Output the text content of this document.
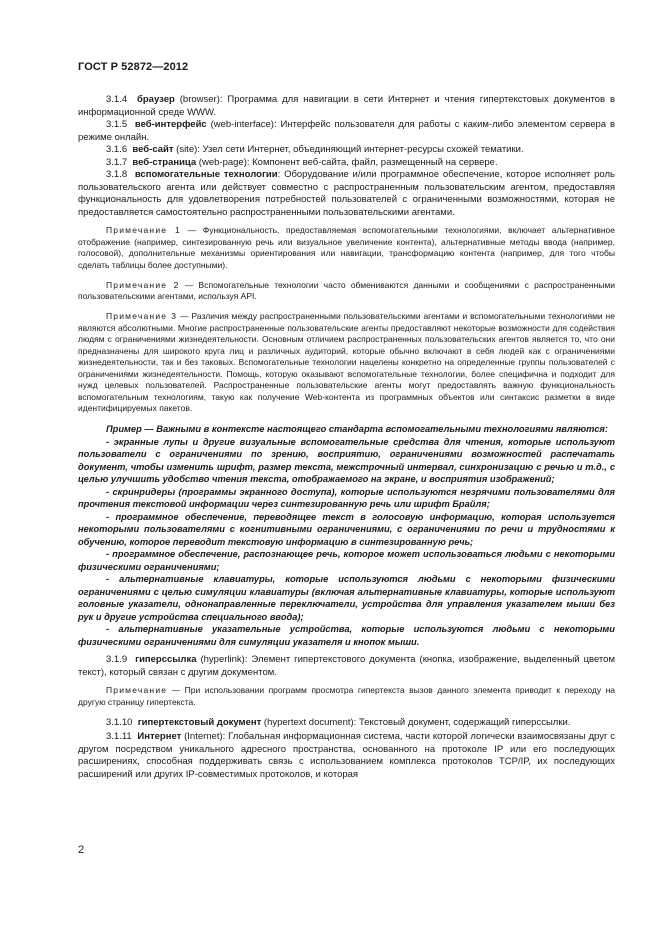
ГОСТ Р 52872—2012

3.1.4 браузер (browser): Программа для навигации в сети Интернет и чтения гипертекстовых документов в информационной среде WWW.

3.1.5 веб-интерфейс (web-interface): Интерфейс пользователя для работы с каким-либо элементом сервера в режиме онлайн.

3.1.6 веб-сайт (site): Узел сети Интернет, объединяющий интернет-ресурсы схожей тематики.

3.1.7 веб-страница (web-page): Компонент веб-сайта, файл, размещенный на сервере.

3.1.8 вспомогательные технологии: Оборудование и/или программное обеспечение, которое исполняет роль пользовательского агента или действует совместно с распространенным пользовательским агентом, предоставляя функциональность для удовлетворения потребностей пользователей с ограниченными возможностями, которая не предоставляется самостоятельно распространенными пользовательскими агентами.

Примечание 1 — Функциональность, предоставляемая вспомогательными технологиями, включает альтернативное отображение (например, синтезированную речь или визуальное увеличение контента), альтернативные методы ввода (например, голосовой), дополнительные механизмы ориентирования или навигации, трансформацию контента (например, для того чтобы сделать таблицы более доступными).

Примечание 2 — Вспомогательные технологии часто обмениваются данными и сообщениями с распространенными пользовательскими агентами, используя API.

Примечание 3 — Различия между распространенными пользовательскими агентами и вспомогательными технологиями не являются абсолютными. Многие распространенные пользовательские агенты предоставляют некоторые возможности для содействия людям с ограничениями жизнедеятельности. Основным отличием распространенных пользовательских агентов является то, что они предназначены для широкого круга лиц и различных аудиторий, которые обычно включают в себя людей как с ограничениями жизнедеятельности, так и без таковых. Вспомогательные технологии нацелены конкретно на определенные группы пользователей с ограничениями жизнедеятельности. Помощь, которую оказывают вспомогательные технологии, более специфична и подходит для нужд целевых пользователей. Распространенные пользовательские агенты могут предоставлять важную функциональность вспомогательным технологиям, такую как получение Web-контента из программных объектов или синтаксис разметки в виде идентифицируемых пакетов.

Пример — Важными в контексте настоящего стандарта вспомогательными технологиями являются:

- экранные лупы и другие визуальные вспомогательные средства для чтения, которые используют пользователи с ограничениями по зрению, восприятию, ограничениями возможностей распечатать документ, чтобы изменить шрифт, размер текста, межстрочный интервал, синхронизацию с речью и т.д., с целью улучшить удобство чтения текста, отображаемого на экране, и восприятия изображений;

- скринридеры (программы экранного доступа), которые используются незрячими пользователями для прочтения текстовой информации через синтезированную речь или шрифт Брайля;

- программное обеспечение, переводящее текст в голосовую информацию, которая используется некоторыми пользователями с когнитивными ограничениями, с ограничениями по речи и трудностями к обучению, которое переводит текстовую информацию в синтезированную речь;

- программное обеспечение, распознающее речь, которое может использоваться людьми с некоторыми физическими ограничениями;

- альтернативные клавиатуры, которые используются людьми с некоторыми физическими ограничениями с целью симуляции клавиатуры (включая альтернативные клавиатуры, которые используют головные указатели, однонаправленные переключатели, устройства для управления указателем мыши без рук и другие устройства специального ввода);

- альтернативные указательные устройства, которые используются людьми с некоторыми физическими ограничениями для симуляции указателя и кнопок мыши.

3.1.9 гиперссылка (hyperlink): Элемент гипертекстового документа (кнопка, изображение, выделенный цветом текст), который связан с другим документом.

Примечание — При использовании программ просмотра гипертекста вызов данного элемента приводит к переходу на другую страницу гипертекста.

3.1.10 гипертекстовый документ (hypertext document): Текстовый документ, содержащий гиперссылки.

3.1.11 Интернет (Internet): Глобальная информационная система, части которой логически взаимосвязаны друг с другом посредством уникального адресного пространства, основанного на протоколе IP или его последующих расширениях, способная поддерживать связь с использованием комплекса протоколов TCP/IP, их последующих расширений или других IP-совместимых протоколов, и которая

2
